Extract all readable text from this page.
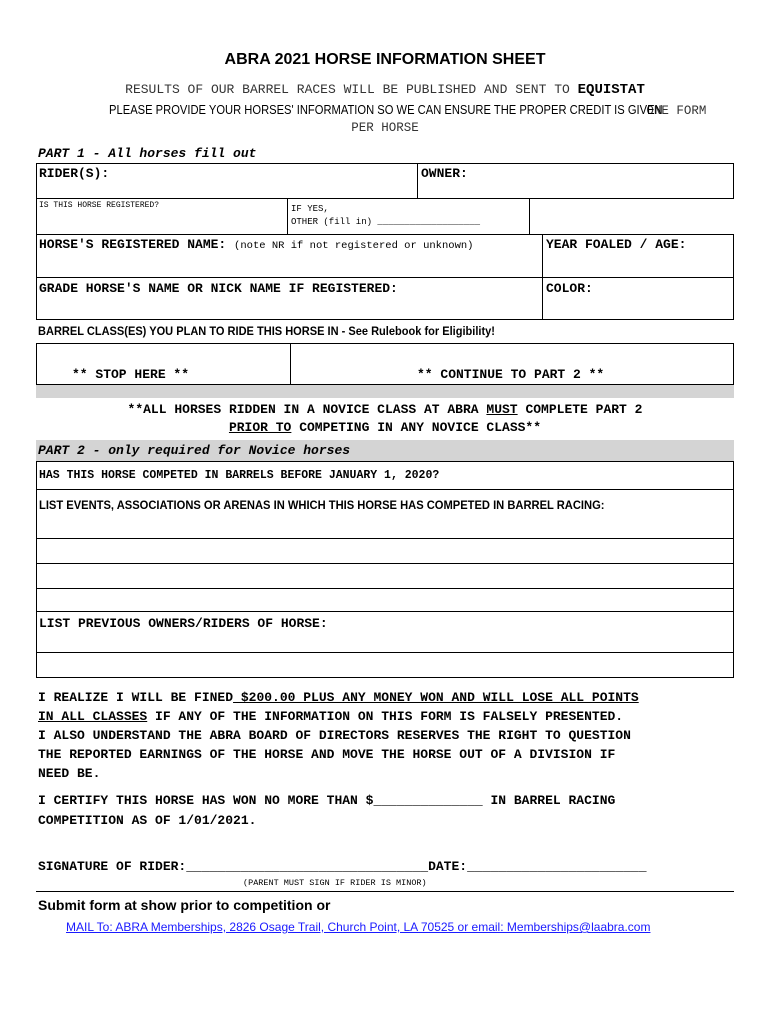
ABRA 2021 HORSE INFORMATION SHEET
RESULTS OF OUR BARREL RACES WILL BE PUBLISHED AND SENT TO EQUISTAT
PLEASE PROVIDE YOUR HORSES' INFORMATION SO WE CAN ENSURE THE PROPER CREDIT IS GIVEN ONE FORM
PER HORSE
PART 1 - All horses fill out
RIDER(S):	OWNER:
IS THIS HORSE REGISTERED?	IF YES,
OTHER (fill in) ___________________
HORSE'S REGISTERED NAME: (note NR if not registered or unknown)	YEAR FOALED / AGE:
GRADE HORSE'S NAME OR NICK NAME IF REGISTERED:	COLOR:
BARREL CLASS(ES) YOU PLAN TO RIDE THIS HORSE IN - See Rulebook for Eligibility!
** STOP HERE **	** CONTINUE TO PART 2 **
**ALL HORSES RIDDEN IN A NOVICE CLASS AT ABRA MUST COMPLETE PART 2
PRIOR TO COMPETING IN ANY NOVICE CLASS**
PART 2 - only required for Novice horses
HAS THIS HORSE COMPETED IN BARRELS BEFORE JANUARY 1, 2020?
LIST EVENTS, ASSOCIATIONS OR ARENAS IN WHICH THIS HORSE HAS COMPETED IN BARREL RACING:
LIST PREVIOUS OWNERS/RIDERS OF HORSE:
I REALIZE I WILL BE FINED $200.00 PLUS ANY MONEY WON AND WILL LOSE ALL POINTS
IN ALL CLASSES IF ANY OF THE INFORMATION ON THIS FORM IS FALSELY PRESENTED.
I ALSO UNDERSTAND THE ABRA BOARD OF DIRECTORS RESERVES THE RIGHT TO QUESTION
THE REPORTED EARNINGS OF THE HORSE AND MOVE THE HORSE OUT OF A DIVISION IF
NEED BE.
I CERTIFY THIS HORSE HAS WON NO MORE THAN $______________ IN BARREL RACING
COMPETITION AS OF 1/01/2021.
SIGNATURE OF RIDER:_______________________________DATE:_______________________
(PARENT MUST SIGN IF RIDER IS MINOR)
Submit form at show prior to competition or
MAIL To: ABRA Memberships, 2826 Osage Trail, Church Point, LA 70525 or email: Memberships@laabra.com
